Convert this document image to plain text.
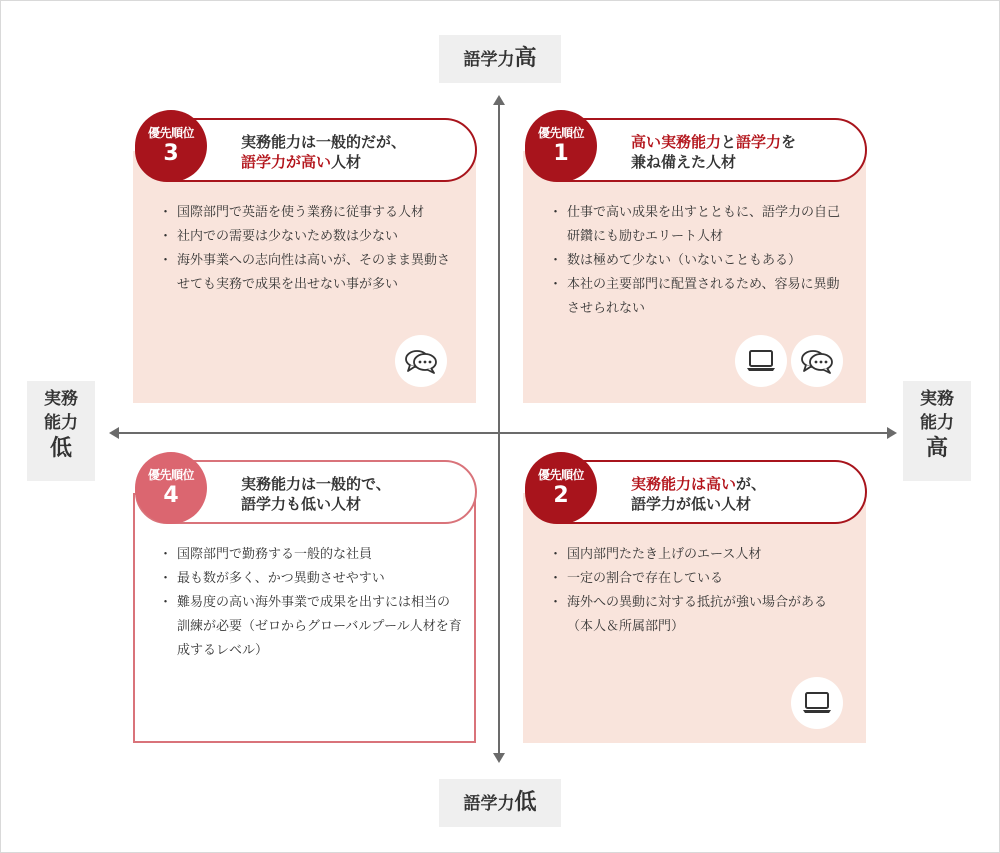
語学力高
語学力低
実務
能力
低
実務
能力
高
実務能力は一般的だが、
語学力が高い人材
優先順位
3	高い実務能力と語学力を
兼ね備えた人材
優先順位
1
実務能力は一般的で、
語学力も低い人材
優先順位
4	実務能力は高いが、
語学力が低い人材
優先順位
2
・ 国際部門で英語を使う業務に従事する人材
・ 社内での需要は少ないため数は少ない
・ 海外事業への志向性は高いが、そのまま異動させても実務で成果を出せない事が多い
・ 仕事で高い成果を出すとともに、語学力の自己研鑽にも励むエリート人材
・ 数は極めて少ない（いないこともある）
・ 本社の主要部門に配置されるため、容易に異動させられない
・ 国際部門で勤務する一般的な社員
・ 最も数が多く、かつ異動させやすい
・ 難易度の高い海外事業で成果を出すには相当の訓練が必要（ゼロからグローバルプール人材を育成するレベル）
・ 国内部門たたき上げのエース人材
・ 一定の割合で存在している
・ 海外への異動に対する抵抗が強い場合がある（本人＆所属部門）
